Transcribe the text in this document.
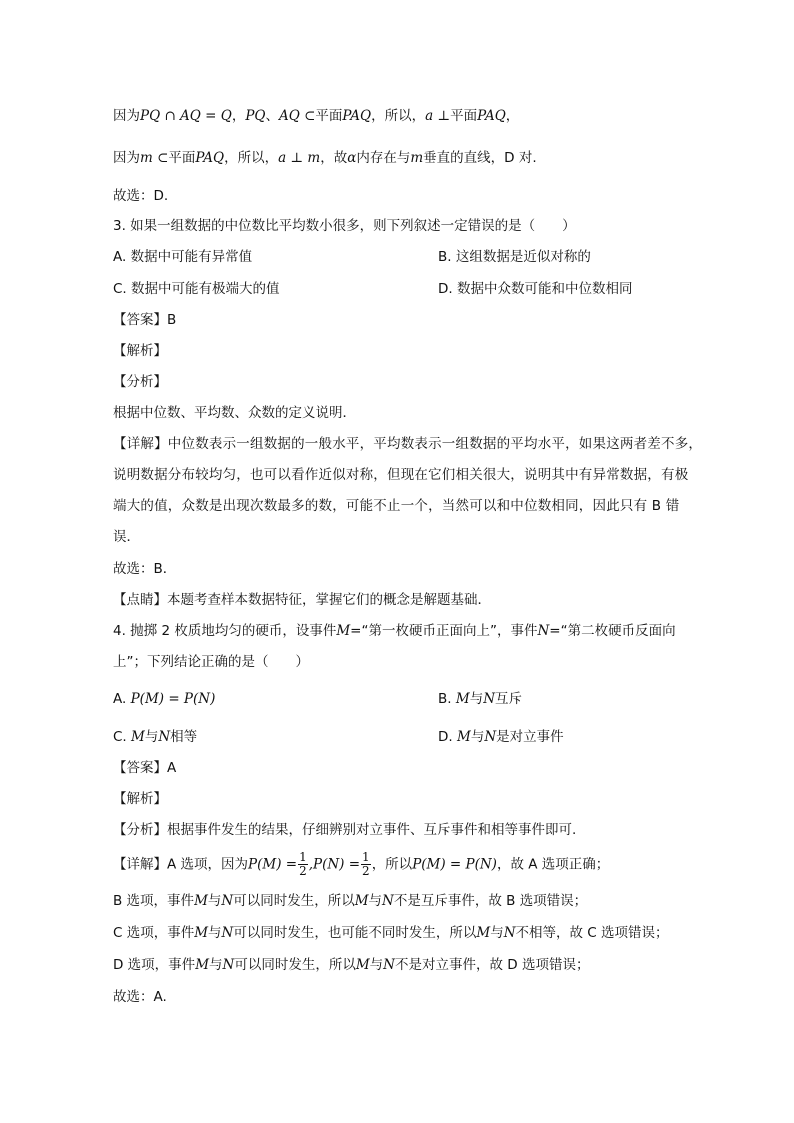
因为PQ ∩ AQ = Q，PQ、AQ ⊂平面PAQ，所以，a ⊥平面PAQ，
因为m ⊂平面PAQ，所以，a ⊥ m，故α内存在与m垂直的直线，D 对.
故选：D.
3. 如果一组数据的中位数比平均数小很多，则下列叙述一定错误的是（　　）
A. 数据中可能有异常值	B. 这组数据是近似对称的
C. 数据中可能有极端大的值	D. 数据中众数可能和中位数相同
【答案】B
【解析】
【分析】
根据中位数、平均数、众数的定义说明．
【详解】中位数表示一组数据的一般水平，平均数表示一组数据的平均水平，如果这两者差不多，
说明数据分布较均匀，也可以看作近似对称，但现在它们相关很大，说明其中有异常数据，有极
端大的值，众数是出现次数最多的数，可能不止一个，当然可以和中位数相同，因此只有 B 错
误．
故选：B．
【点睛】本题考查样本数据特征，掌握它们的概念是解题基础．
4. 抛掷 2 枚质地均匀的硬币，设事件M=“第一枚硬币正面向上”，事件N=“第二枚硬币反面向
上”；下列结论正确的是（　　）
A. P(M) = P(N)	B. M与N互斥
C. M与N相等	D. M与N是对立事件
【答案】A
【解析】
【分析】根据事件发生的结果，仔细辨别对立事件、互斥事件和相等事件即可.
【详解】A 选项，因为$P(M) = \frac{1}{2} ,P(N) = \frac{1}{2}$ ，所以P(M) = P(N)，故 A 选项正确；
B 选项，事件M与N可以同时发生，所以M与N不是互斥事件，故 B 选项错误；
C 选项，事件M与N可以同时发生，也可能不同时发生，所以M与N不相等，故 C 选项错误；
D 选项，事件M与N可以同时发生，所以M与N不是对立事件，故 D 选项错误；
故选：A.
